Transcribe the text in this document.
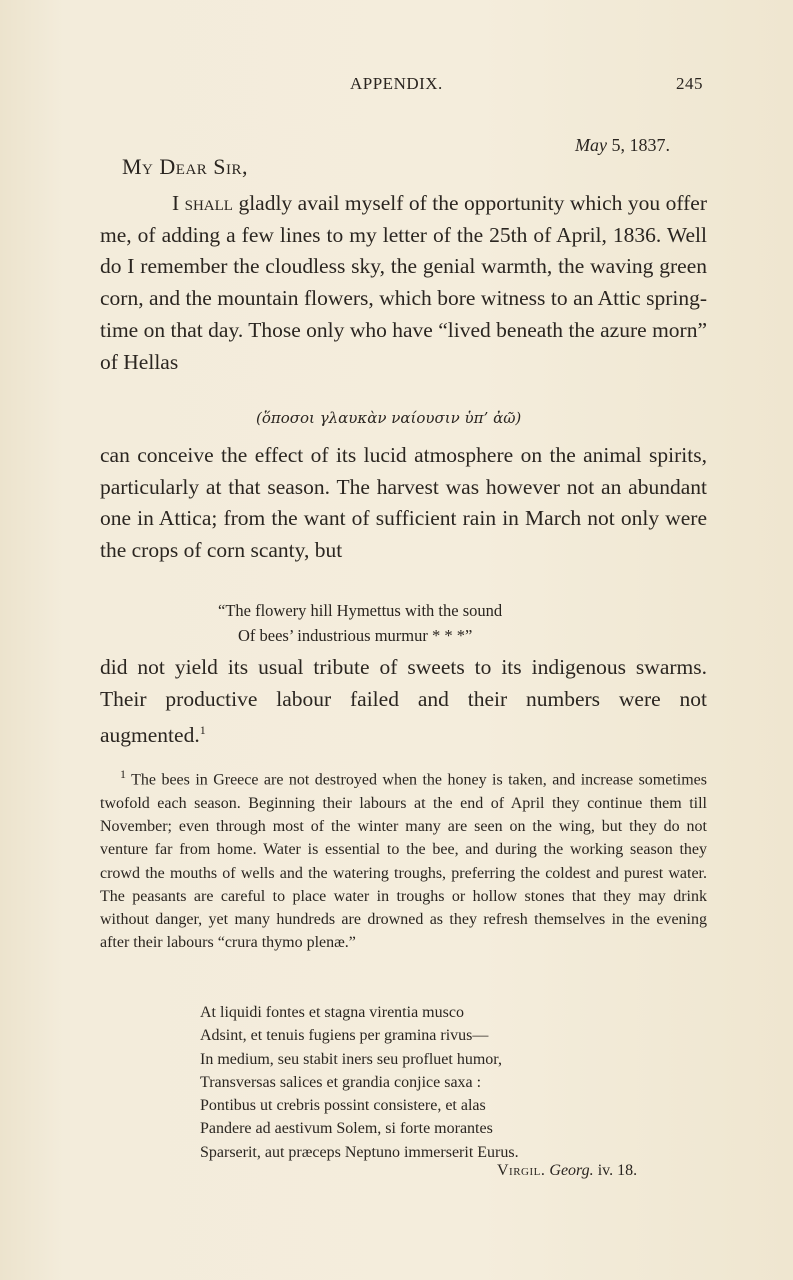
APPENDIX.	245
May 5, 1837.
My Dear Sir,

I shall gladly avail myself of the opportunity which you offer me, of adding a few lines to my letter of the 25th of April, 1836. Well do I remember the cloudless sky, the genial warmth, the waving green corn, and the mountain flowers, which bore witness to an Attic spring-time on that day. Those only who have “lived beneath the azure morn” of Hellas

(ὅποσοι γλαυκὰν ναίουσιν ὑπ’ ἀῶ)

can conceive the effect of its lucid atmosphere on the animal spirits, particularly at that season. The harvest was however not an abundant one in Attica; from the want of sufficient rain in March not only were the crops of corn scanty, but

“The flowery hill Hymettus with the sound
Of bees’ industrious murmur * * *”

did not yield its usual tribute of sweets to its indigenous swarms. Their productive labour failed and their numbers were not augmented.$^1$

$^1$ The bees in Greece are not destroyed when the honey is taken, and increase sometimes twofold each season. Beginning their labours at the end of April they continue them till November; even through most of the winter many are seen on the wing, but they do not venture far from home. Water is essential to the bee, and during the working season they crowd the mouths of wells and the watering troughs, preferring the coldest and purest water. The peasants are careful to place water in troughs or hollow stones that they may drink without danger, yet many hundreds are drowned as they refresh themselves in the evening after their labours “crura thymo plenæ.”

At liquidi fontes et stagna virentia musco
Adsint, et tenuis fugiens per gramina rivus—
In medium, seu stabit iners seu profluet humor,
Transversas salices et grandia conjice saxa :
Pontibus ut crebris possint consistere, et alas
Pandere ad aestivum Solem, si forte morantes
Sparserit, aut præceps Neptuno immerserit Eurus.
Virgil. Georg. iv. 18.
